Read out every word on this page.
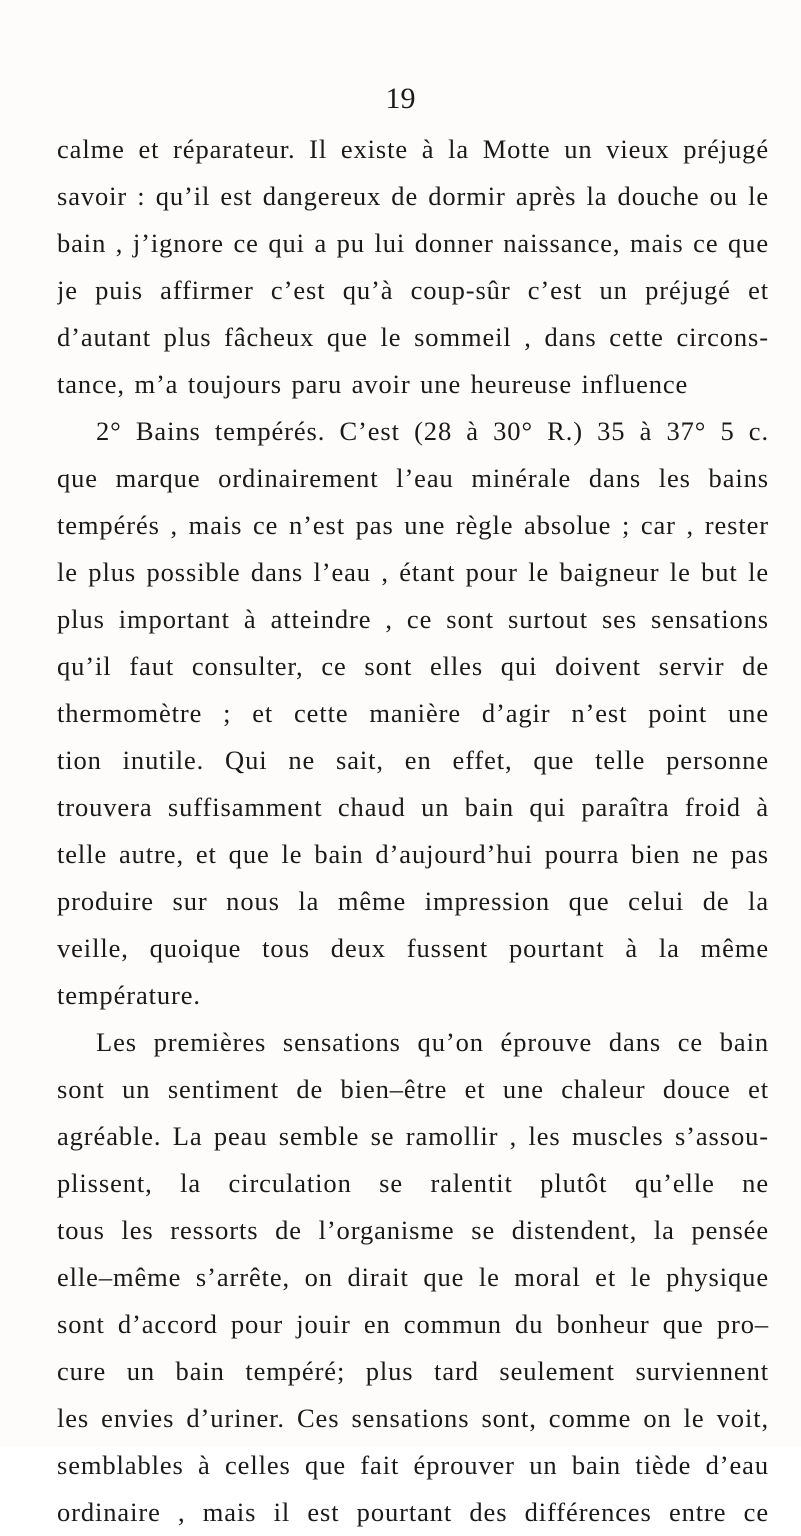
19
calme et réparateur. Il existe à la Motte un vieux préjugé
savoir : qu’il est dangereux de dormir après la douche ou le
bain , j’ignore ce qui a pu lui donner naissance, mais ce que
je puis affirmer c’est qu’à coup-sûr c’est un préjugé et
d’autant plus fâcheux que le sommeil , dans cette circons-
tance, m’a toujours paru avoir une heureuse influence
2° Bains tempérés. C’est (28 à 30° R.) 35 à 37° 5 c.
que marque ordinairement l’eau minérale dans les bains
tempérés , mais ce n’est pas une règle absolue ; car , rester
le plus possible dans l’eau , étant pour le baigneur le but le
plus important à atteindre , ce sont surtout ses sensations
qu’il faut consulter, ce sont elles qui doivent servir de
thermomètre ; et cette manière d’agir n’est point une
tion inutile. Qui ne sait, en effet, que telle personne
trouvera suffisamment chaud un bain qui paraîtra froid à
telle autre, et que le bain d’aujourd’hui pourra bien ne pas
produire sur nous la même impression que celui de la
veille, quoique tous deux fussent pourtant à la même
température.
Les premières sensations qu’on éprouve dans ce bain
sont un sentiment de bien–être et une chaleur douce et
agréable. La peau semble se ramollir , les muscles s’assou-
plissent, la circulation se ralentit plutôt qu’elle ne
tous les ressorts de l’organisme se distendent, la pensée
elle–même s’arrête, on dirait que le moral et le physique
sont d’accord pour jouir en commun du bonheur que pro–
cure un bain tempéré; plus tard seulement surviennent
les envies d’uriner. Ces sensations sont, comme on le voit,
semblables à celles que fait éprouver un bain tiède d’eau
ordinaire , mais il est pourtant des différences entre ce
